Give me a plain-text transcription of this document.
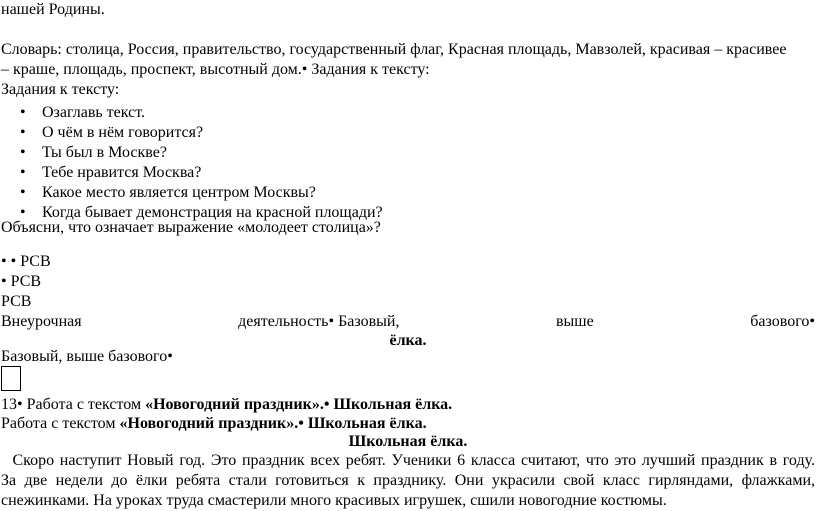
нашей Родины.
Словарь: столица, Россия, правительство, государственный флаг, Красная площадь, Мавзолей, красивая – красивее
– краше, площадь, проспект, высотный дом.• Задания к тексту:
Задания к тексту:
• Озаглавь текст.
• О чём в нём говорится?
• Ты был в Москве?
• Тебе нравится Москва?
• Какое место является центром Москвы?
• Когда бывает демонстрация на красной площади?
Объясни, что означает выражение «молодеет столица»?
• • РСВ
• РСВ
РСВ
Внеурочная	деятельность• Базовый,	выше	базового•
ёлка.
Базовый, выше базового•
13• Работа с текстом «Новогодний праздник».• Школьная ёлка.
Работа с текстом «Новогодний праздник».• Школьная ёлка.
Школьная ёлка.
Скоро наступит Новый год. Это праздник всех ребят. Ученики 6 класса считают, что это лучший праздник в году.
За две недели до ёлки ребята стали готовиться к празднику. Они украсили свой класс гирляндами, флажками,
снежинками. На уроках труда смастерили много красивых игрушек, сшили новогодние костюмы.
